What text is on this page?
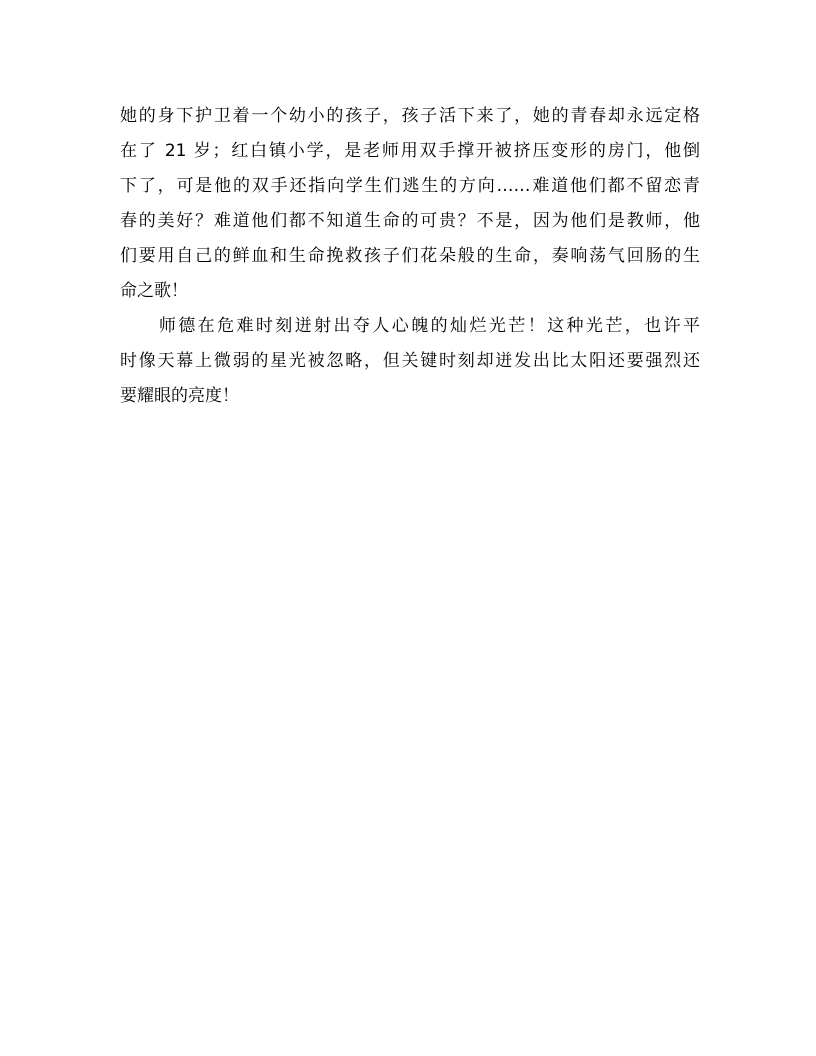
她的身下护卫着一个幼小的孩子，孩子活下来了，她的青春却永远定格
在了 21 岁；红白镇小学，是老师用双手撑开被挤压变形的房门，他倒
下了，可是他的双手还指向学生们逃生的方向……难道他们都不留恋青
春的美好？难道他们都不知道生命的可贵？不是，因为他们是教师，他
们要用自己的鲜血和生命挽救孩子们花朵般的生命，奏响荡气回肠的生
命之歌！
　　师德在危难时刻迸射出夺人心魄的灿烂光芒！这种光芒，也许平
时像天幕上微弱的星光被忽略，但关键时刻却迸发出比太阳还要强烈还
要耀眼的亮度！
